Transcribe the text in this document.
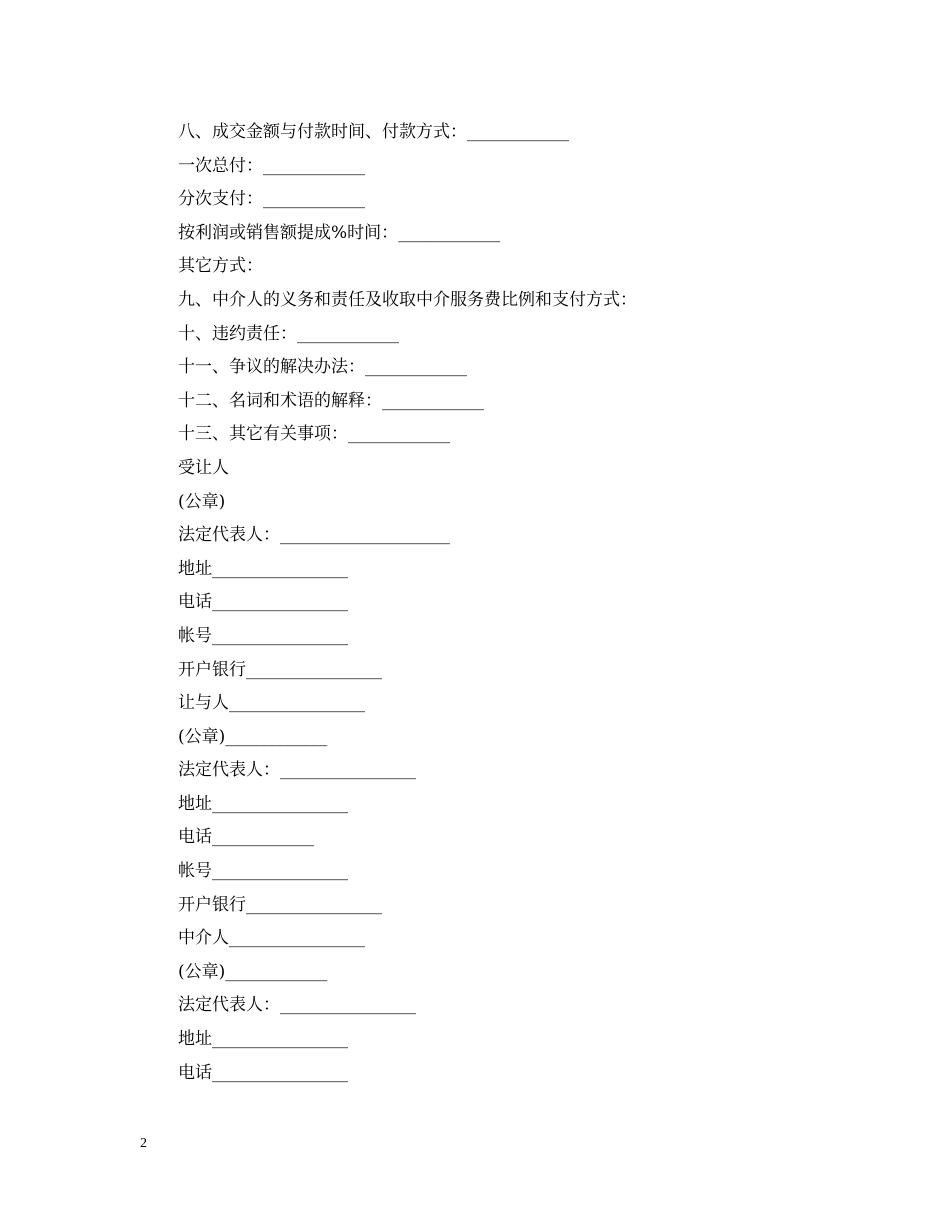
八、成交金额与付款时间、付款方式：____________
一次总付：____________
分次支付：____________
按利润或销售额提成%时间：____________
其它方式：
九、中介人的义务和责任及收取中介服务费比例和支付方式：
十、违约责任：____________
十一、争议的解决办法：____________
十二、名词和术语的解释：____________
十三、其它有关事项：____________
受让人
(公章)
法定代表人：____________________
地址________________
电话________________
帐号________________
开户银行________________
让与人________________
(公章)____________
法定代表人：________________
地址________________
电话____________
帐号________________
开户银行________________
中介人________________
(公章)____________
法定代表人：________________
地址________________
电话________________
2
